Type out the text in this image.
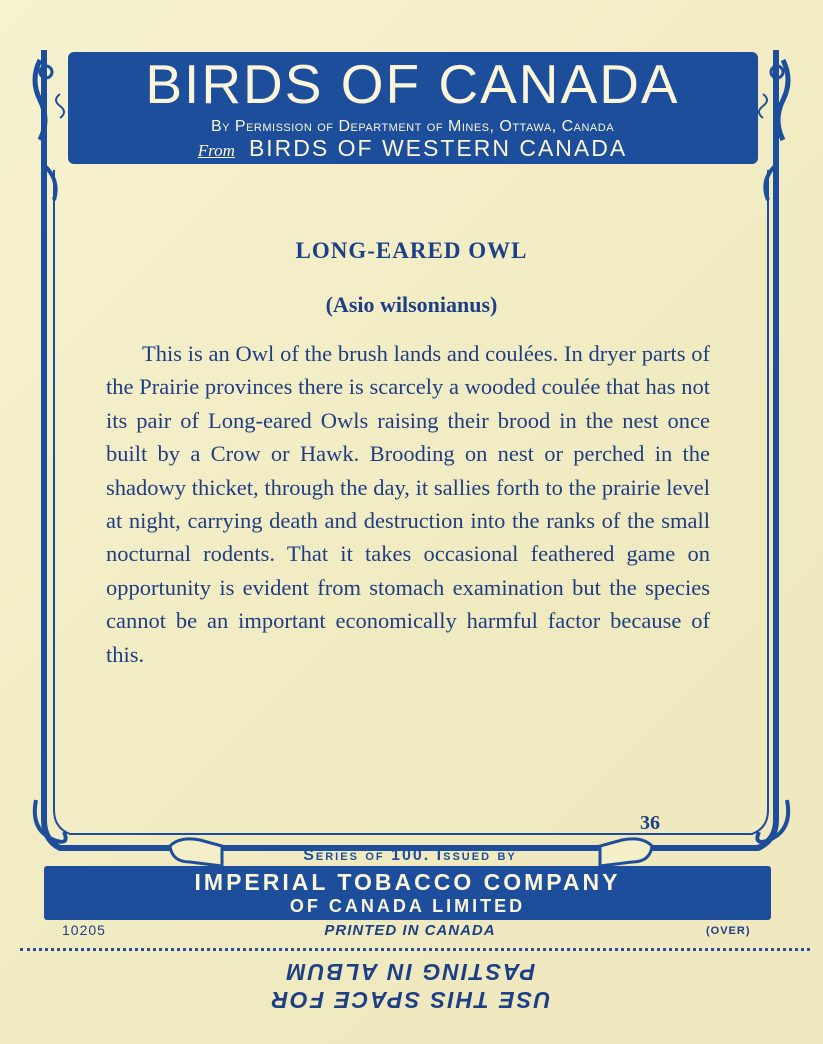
BIRDS OF CANADA
By Permission of Department of Mines, Ottawa, Canada
From BIRDS OF WESTERN CANADA
LONG-EARED OWL
(Asio wilsonianus)
This is an Owl of the brush lands and coulées. In dryer parts of the Prairie provinces there is scarcely a wooded coulée that has not its pair of Long-eared Owls raising their brood in the nest once built by a Crow or Hawk. Brooding on nest or perched in the shadowy thicket, through the day, it sallies forth to the prairie level at night, carrying death and destruction into the ranks of the small nocturnal rodents. That it takes occasional feathered game on opportunity is evident from stomach examination but the species cannot be an important economically harmful factor because of this.
36
Series of 100. Issued by
IMPERIAL TOBACCO COMPANY
OF CANADA LIMITED
10205	PRINTED IN CANADA	(OVER)
USE THIS SPACE FOR
PASTING IN ALBUM
